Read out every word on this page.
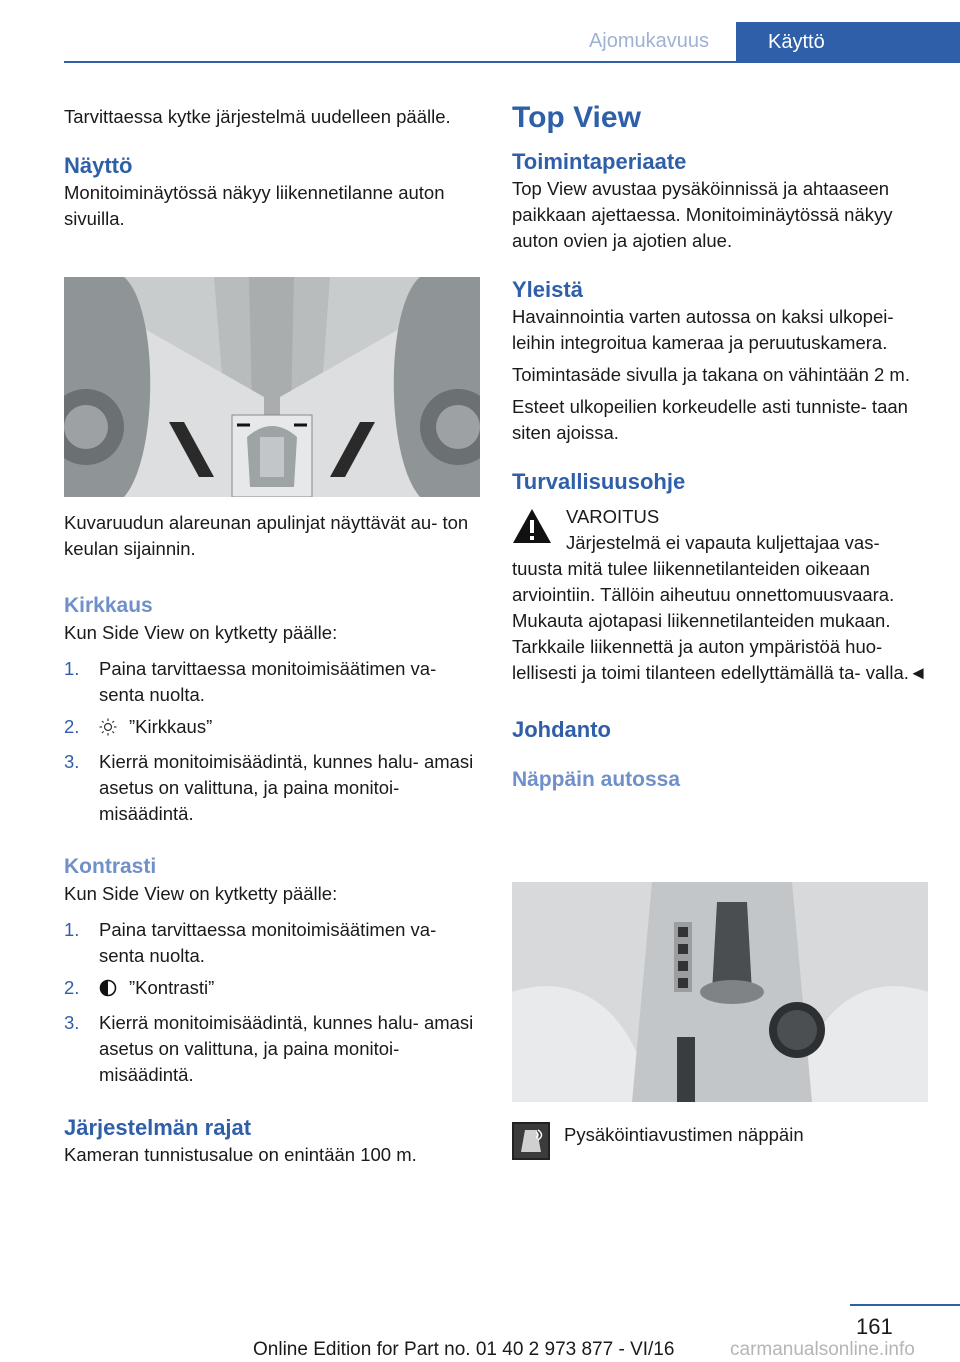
Ajomukavuus	Käyttö

Tarvittaessa kytke järjestelmä uudelleen päälle.

Näyttö

Monitoiminäytössä näkyy liikennetilanne auton sivuilla.

Kuvaruudun alareunan apulinjat näyttävät au‐ ton keulan sijainnin.

Kirkkaus

Kun Side View on kytketty päälle:

1. Paina tarvittaessa monitoimisäätimen va‐ senta nuolta.
2.	”Kirkkaus”
3. Kierrä monitoimisäädintä, kunnes halu‐ amasi asetus on valittuna, ja paina monitoi‐ misäädintä.

Kontrasti

Kun Side View on kytketty päälle:

1. Paina tarvittaessa monitoimisäätimen va‐ senta nuolta.
2.	”Kontrasti”
3. Kierrä monitoimisäädintä, kunnes halu‐ amasi asetus on valittuna, ja paina monitoi‐ misäädintä.

Järjestelmän rajat

Kameran tunnistusalue on enintään 100 m.

Top View

Toimintaperiaate

Top View avustaa pysäköinnissä ja ahtaaseen paikkaan ajettaessa. Monitoiminäytössä näkyy auton ovien ja ajotien alue.

Yleistä

Havainnointia varten autossa on kaksi ulkopei‐ leihin integroitua kameraa ja peruutuskamera.

Toimintasäde sivulla ja takana on vähintään 2 m.

Esteet ulkopeilien korkeudelle asti tunniste‐ taan siten ajoissa.

Turvallisuusohje

VAROITUS

Järjestelmä ei vapauta kuljettajaa vas‐

tuusta mitä tulee liikennetilanteiden oikeaan arviointiin. Tällöin aiheutuu onnettomuusvaara. Mukauta ajotapasi liikennetilanteiden mukaan. Tarkkaile liikennettä ja auton ympäristöä huo‐ lellisesti ja toimi tilanteen edellyttämällä ta‐ valla.◄

Johdanto

Näppäin autossa

Pysäköintiavustimen näppäin

161
Online Edition for Part no. 01 40 2 973 877 - VI/16	carmanualsonline.info
